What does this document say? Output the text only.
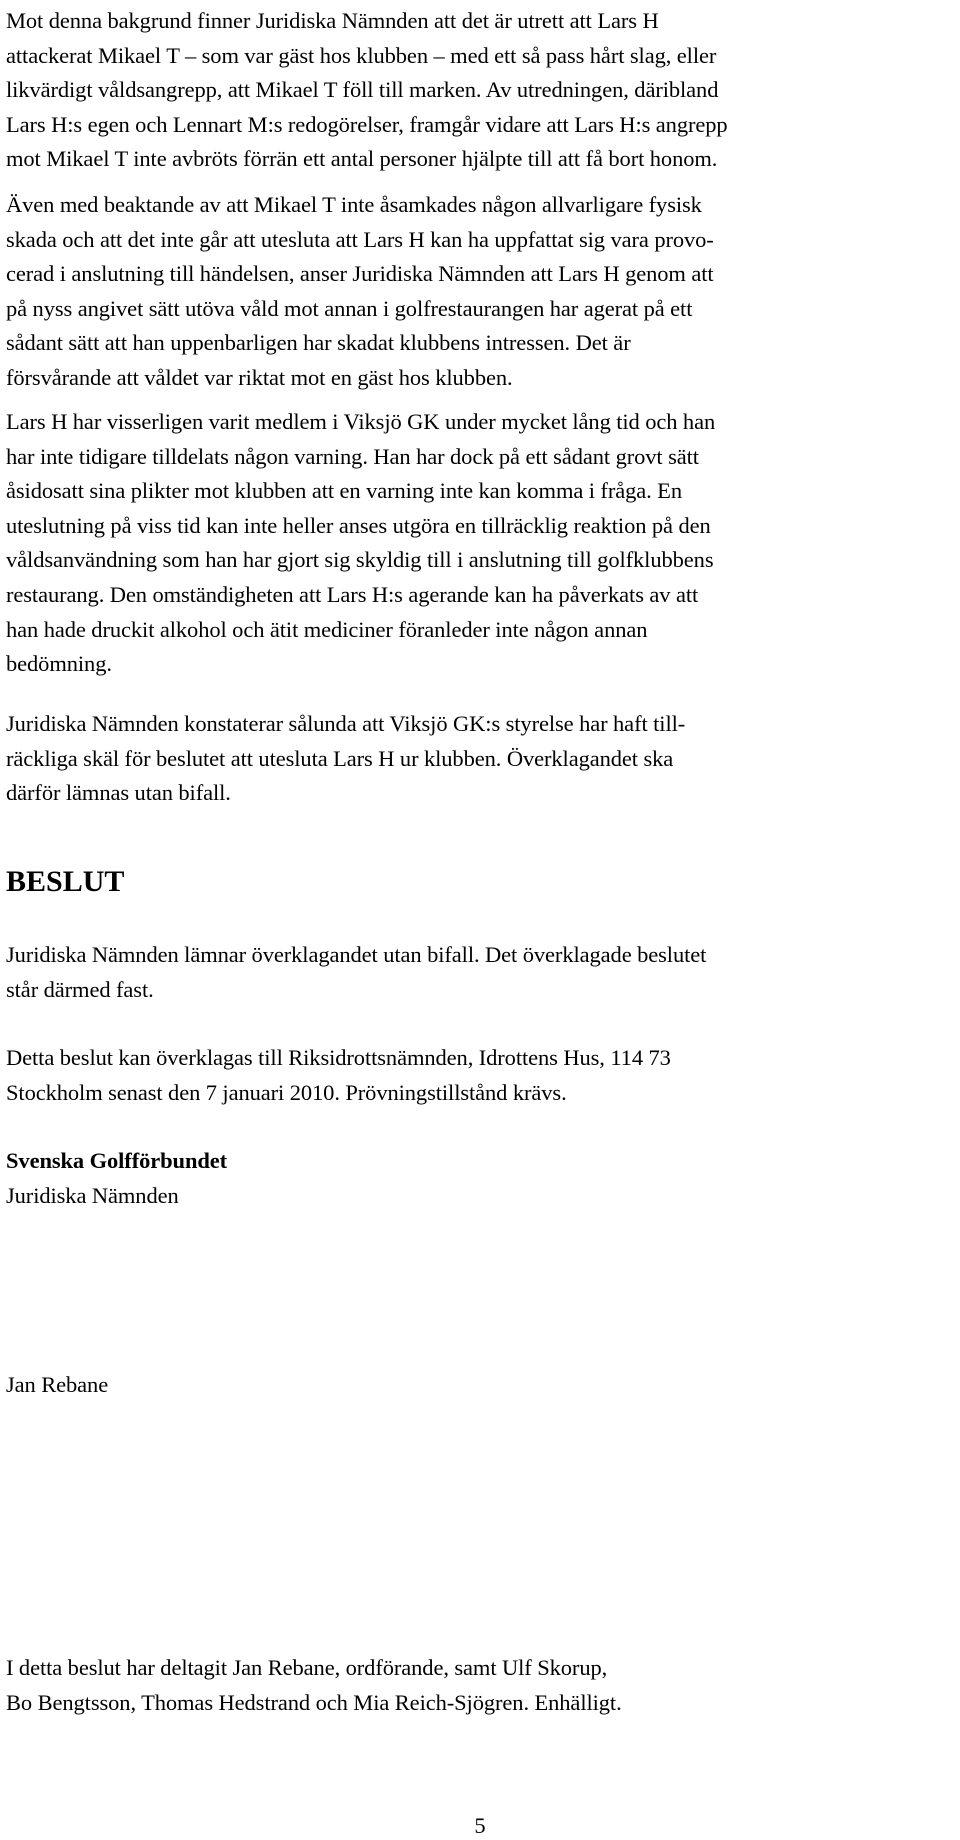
Mot denna bakgrund finner Juridiska Nämnden att det är utrett att Lars H
attackerat Mikael T – som var gäst hos klubben – med ett så pass hårt slag, eller
likvärdigt våldsangrepp, att Mikael T föll till marken. Av utredningen, däribland
Lars H:s egen och Lennart M:s redogörelser, framgår vidare att Lars H:s angrepp
mot Mikael T inte avbröts förrän ett antal personer hjälpte till att få bort honom.

Även med beaktande av att Mikael T inte åsamkades någon allvarligare fysisk
skada och att det inte går att utesluta att Lars H kan ha uppfattat sig vara provo-
cerad i anslutning till händelsen, anser Juridiska Nämnden att Lars H genom att
på nyss angivet sätt utöva våld mot annan i golfrestaurangen har agerat på ett
sådant sätt att han uppenbarligen har skadat klubbens intressen. Det är
försvårande att våldet var riktat mot en gäst hos klubben.

Lars H har visserligen varit medlem i Viksjö GK under mycket lång tid och han
har inte tidigare tilldelats någon varning. Han har dock på ett sådant grovt sätt
åsidosatt sina plikter mot klubben att en varning inte kan komma i fråga. En
uteslutning på viss tid kan inte heller anses utgöra en tillräcklig reaktion på den
våldsanvändning som han har gjort sig skyldig till i anslutning till golfklubbens
restaurang. Den omständigheten att Lars H:s agerande kan ha påverkats av att
han hade druckit alkohol och ätit mediciner föranleder inte någon annan
bedömning.

Juridiska Nämnden konstaterar sålunda att Viksjö GK:s styrelse har haft till-
räckliga skäl för beslutet att utesluta Lars H ur klubben. Överklagandet ska
därför lämnas utan bifall.

BESLUT

Juridiska Nämnden lämnar överklagandet utan bifall. Det överklagade beslutet
står därmed fast.

Detta beslut kan överklagas till Riksidrottsnämnden, Idrottens Hus, 114 73
Stockholm senast den 7 januari 2010. Prövningstillstånd krävs.

Svenska Golfförbundet
Juridiska Nämnden

Jan Rebane

I detta beslut har deltagit Jan Rebane, ordförande, samt Ulf Skorup,
Bo Bengtsson, Thomas Hedstrand och Mia Reich-Sjögren. Enhälligt.

5
